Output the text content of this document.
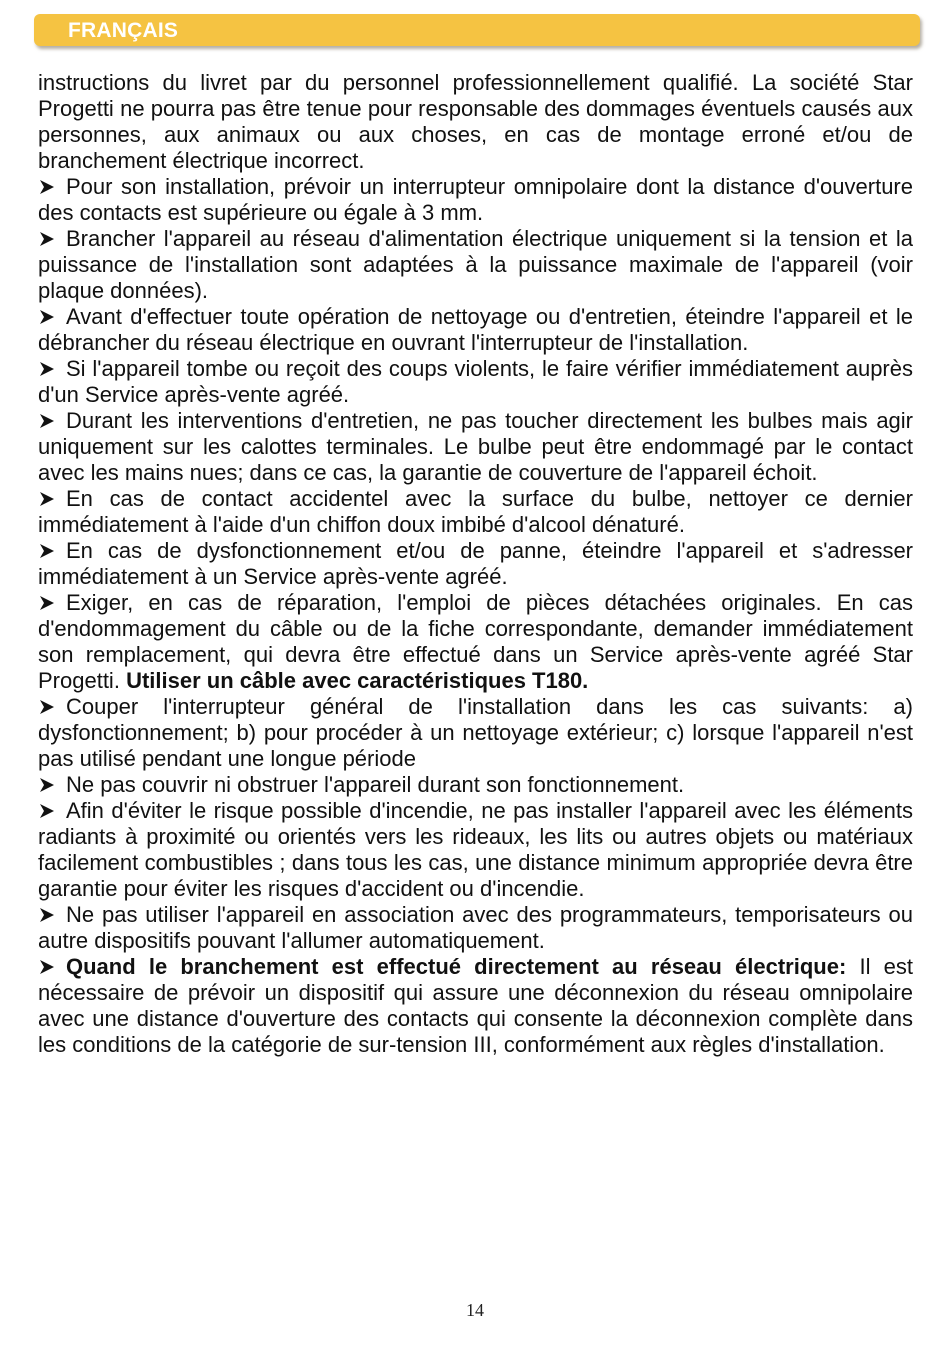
FRANÇAIS

instructions du livret par du personnel professionnellement qualifié. La société Star Progetti ne pourra pas être tenue pour responsable des dommages éventuels causés aux personnes, aux animaux ou aux choses, en cas de montage erroné et/ou de branchement électrique incorrect.

Pour son installation, prévoir un interrupteur omnipolaire dont la distance d'ouverture des contacts est supérieure ou égale à 3 mm.

Brancher l'appareil au réseau d'alimentation électrique uniquement si la tension et la puissance de l'installation sont adaptées à la puissance maximale de l'appareil (voir plaque données).

Avant d'effectuer toute opération de nettoyage ou d'entretien, éteindre l'appareil et le débrancher du réseau électrique en ouvrant l'interrupteur de l'installation.

Si l'appareil tombe ou reçoit des coups violents, le faire vérifier immédiatement auprès d'un Service après-vente agréé.

Durant les interventions d'entretien, ne pas toucher directement les bulbes mais agir uniquement sur les calottes terminales. Le bulbe peut être endommagé par le contact avec les mains nues; dans ce cas, la garantie de couverture de l'appareil échoit.

En cas de contact accidentel avec la surface du bulbe, nettoyer ce dernier immédiatement à l'aide d'un chiffon doux imbibé d'alcool dénaturé.

En cas de dysfonctionnement et/ou de panne, éteindre l'appareil et s'adresser immédiatement à un Service après-vente agréé.

Exiger, en cas de réparation, l'emploi de pièces détachées originales. En cas d'endommagement du câble ou de la fiche correspondante, demander immédiatement son remplacement, qui devra être effectué dans un Service après-vente agréé Star Progetti. Utiliser un câble avec caractéristiques T180.

Couper l'interrupteur général de l'installation dans les cas suivants: a) dysfonctionnement; b) pour procéder à un nettoyage extérieur; c) lorsque l'appareil n'est pas utilisé pendant une longue période

Ne pas couvrir ni obstruer l'appareil durant son fonctionnement.

Afin d'éviter le risque possible d'incendie, ne pas installer l'appareil avec les éléments radiants à proximité ou orientés vers les rideaux, les lits ou autres objets ou matériaux facilement combustibles ; dans tous les cas, une distance minimum appropriée devra être garantie pour éviter les risques d'accident ou d'incendie.

Ne pas utiliser l'appareil en association avec des programmateurs, temporisateurs ou autre dispositifs pouvant l'allumer automatiquement.

Quand le branchement est effectué directement au réseau électrique: Il est nécessaire de prévoir un dispositif qui assure une déconnexion du réseau omnipolaire avec une distance d'ouverture des contacts qui consente la déconnexion complète dans les conditions de la catégorie de sur-tension III, conformément aux règles d'installation.

14
